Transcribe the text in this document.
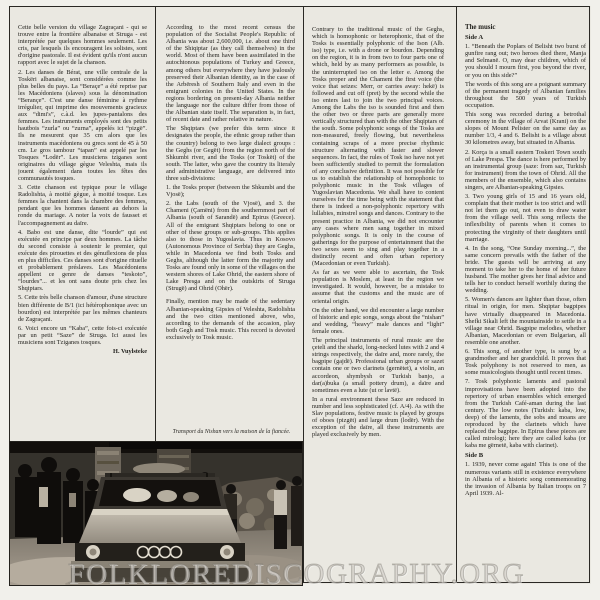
Cette belle version du village Zagraçani - qui se trouve entre la frontière albanaise et Struga - est interprétée par quelques hommes seulement. Les cris, par lesquels ils encouragent les solistes, sont d'origine pastorale. Il est évident qu'ils n'ont aucun rapport avec le sujet de la chanson.

2. Les danses de Bérat, une ville centrale de la Toskëri albanaise, sont considérées comme les plus belles du pays. La “Beraçe” a été reprise par les Macédoniens (slaves) sous la dénomination “Berançe”. C'est une danse féminine à rythme irrégulier, qui imprime des mouvements gracieux aux “dimi's”, c.à.d. les jupes-pantalons des femmes. Les instruments employés sont des petits hautbois “zurla” ou “zurna”, appelés ici “pizgë”. Ils ne mesurent que 35 cm alors que les instruments macédoniens ou grecs sont de 45 à 50 cm. Le gros tambour “tapan” est appelé par les Tosques “Lodër”. Les musiciens tziganes sont originaires du village gègue Veleshta, mais ils jouent également dans toutes les fêtes des communautés tosques.

3. Cette chanson est typique pour le village Radolishta, à moitié gègue, à moitié tosque. Les femmes la chantent dans la chambre des femmes, pendant que les hommes dansent au dehors la ronde du mariage. A noter la voix de fausset et l'accompagnement au daïre.

4. Babo est une danse, dite “lourde” qui est exécutée en principe par deux hommes. La tâche du second consiste à soutenir le premier, qui exécute des pirouettes et des génuflexions de plus en plus difficiles. Ces danses sont d'origine rituelle et probablement préslaves. Les Macédoniens appellent ce genre de danses “teskoto”, “lourdes”... et les ont sans doute pris chez les Shqiptars.

5. Cette très belle chanson d'amour, d'une structure bien différente de B/1 (ici hétérophonique avec un bourdon) est interprétée par les mêmes chanteurs de Zagraçani.

6. Voici encore un “Kaba”, cette fois-ci exécutée par un petit “Saze” de Struga. Ici aussi les musiciens sont Tziganes tosques.

H. Vuylsteke

According to the most recent census the population of the Socialist People's Republic of Albania was about 2,600,000, i.e. about one third of the Shiqiptar (as they call themselves) in the world. Most of them have been assimilated in the autochtonous populations of Turkey and Greece, among others but everywhere they have jealously preserved their Albanian identity, as in the case of the Arbëresh of Southern Italy and even in the emigrant colonies in the United States. In the regions bordering on present-day Albania neither the language nor the culture differ from those of the Albanian state itself. The separation is, in fact, of recent date and rather relative in nature.

The Shqiptars (we prefer this term since it designates the people, the ethnic group rather than the country) belong to two large dialect groups : the Geghs (or Gegët) from the region north of the Shkumbi river, and the Tosks (or Toskët) of the south. The latter, who gave the country its literaly and administrative language, are delivered into three sub-divisions:

1. the Tosks proper (between the Shkumbi and the Vjosë);

2. the Labs (south of the Vjosë), and 3. the Chameni (Çamëni) from the southernmost part of Albania (south of Sarandë) and Epirus (Greece). All of the emigrant Shqiptars belong to one or other of these groups or sub-groups. This applies also to those in Yugoslavia. Thus in Kosovo (Autonomous Province of Serbia) they are Geghs, while in Macedonia we find both Tosks and Geghs, although the latter form the majority and Tosks are found only in some of the villages on the western shores of Lake Ohrid, the eastern shore of Lake Presga and on the outskirts of Struga (Strugë) and Ohrid (Ohër).

Finally, mention may be made of the sedentary Albanian-speaking Gipsies of Veleshta, Radolishta and the two cities mentioned above, who, according to the demands of the accasion, play both Gegh and Tosk music. This record is devoted exclusively to Tosk music.

Contrary to the traditional music of the Geghs, which is homophonic or heterophonic, that of the Tosks is essentially polyphonic of the Ison (Alb. iso) type, i.e. with a drone or bourdon. Depending on the region, it is in from two to four parts one of which, held by as many performers as possible, is the uninterrupted iso on the letter e. Among the Tosks proper and the Chameni the first voice (the voice that seizes: Merr, or carries away: hekë) is followed and cut off (pret) by the second while the iso enters last to join the two principal voices. Among the Labs the iso is sounded first and then the other two or three parts are generally more vertically structured than with the other Shqiptars of the south. Some polyphonic songs of the Tosks are non-measured, freely flowing, but nevertheless containing scraps of a more precise rhythmic structure alternating with faster and slower sequences. In fact, the rules of Tosk iso have not yet been sufficiently studied to permit the formulation of any conclusive definition. It was not possible for us to establish the relationship of homophonic to polyphonic music in the Tosk villages of Yugoslavian Macedonia. We shall have to content ourselves for the time being with the statement that there is indeed a non-polyphonic repertory with lullabies, minstrel songs and dances. Contrary to the present practice in Albania, we did not encounter any cases where men sang together in mixed polyphonic songs. It is only in the course of gatherings for the purpose of entertainment that the two sexes seem to sing and play together in a distinctly recent and often urban repertory (Macedonian or even Turkish).

As far as we were able to ascertain, the Tosk population is Moslem, at least in the region we investigated. It would, however, be a mistake to assume that the customs and the music are of oriental origin.

On the other hand, we did encounter a large number of historic and epic songs, songs about the “nishan” and wedding, “heavy” male dances and “light” female ones.

The principal instruments of rural music are the çeteli and the sharki, long-necked lutes with 2 and 4 strings respectively, the daïre and, more rarely, the bagpipe (gajdë). Professional urban groups or sazet contain one or two clarinets (gernëtet), a violin, an accordeon, shymbysh or Turkish banjo, a dar(a)buka (a small pottery drum), a daïre and sometimes even a lute (ut or lavtë).

In a rural environment these Saze are reduced in number and less sophisticated (cf. A/4). As with the Slav populations, festive music is played by groups of oboes (pizgët) and large drum (lodër). With the exception of the daïre, all these instruments are played exclusively by men.

The music
Side A

1. “Beneath the Poplars of Belisht two burst of gunfire rang out; two heroes died there, Manja and Selmanë. O, may dear children, which of you should I mourn first, you beyond the river, or you on this side?”

The words of this song are a poignant summary of the permanent tragedy of Albanian families throughout the 500 years of Turkish occupation.

This song was recorded during a betrothal ceremony in the village of Arvat (Krani) on the slopes of Mount Pelister on the same day as number 1/3, 4 and 6. Belisht is a village about 30 kilometres away, but situated in Albania.

2. Korça is a small eastern Toskeri Town south of Lake Prespa. The dance is here performed by an instrumental group (saze: from saz, Turkish for instrument) from the town of Ohrid. All the members of the ensemble, which also contains singers, are Albanian-speaking Gipsies.

3. Two young girls of 15 and 16 years old, complain that their mother is too strict and will not let them go out, not even to draw water from the village well. This song reflects the inflexibility of parents when it comes to protecting the virginity of their daughters until marriage.

4. In the song, “One Sunday morning...”, the same concern prevails with the father of the bride. The guests will be arriving at any moment to take her to the home of her future husband. The mother gives her final advice and tells her to conduct herself worthily during the wedding.

5. Women's dances are lighter than those, often ritual in origin, for men. Shqiptar bagpipes have virtually disappeared in Macedonia. Shefki Sikali left the mountainside to settle in a village near Ohrid. Bagpipe melodies, whether Albanian, Macedonian or even Bulgarian, all resemble one another.

6. This song, of another type, is sung by a grandmother and her grandchild. It proves that Tosk polyphony is not reserved to men, as some musicologists thought until recent times.

7. Tosk polyphonic laments and pastoral improvisations have been adopted into the repertory of urban ensembles which emerged from the Turkish Café-aman during the last century. The low notes (Turkish: kaba, low, deep) of the laments, the sobs and moans are reproduced by the clarinets which have replaced the bagpipe. In Epirus these pieces are called mirologi; here they are called kaba (or kaba me gërnetë, kaba with clarinet).

Side B

1. 1939, never come again! This is one of the numerous variants still in existence everywhere in Albania of a historic song commemorating the invasion of Albania by Italian troops on 7 April 1939. Al-

Transport du Nishan vers la maison de la fiancée.
FOLKLOREDISCOGRAPHY.ORG
